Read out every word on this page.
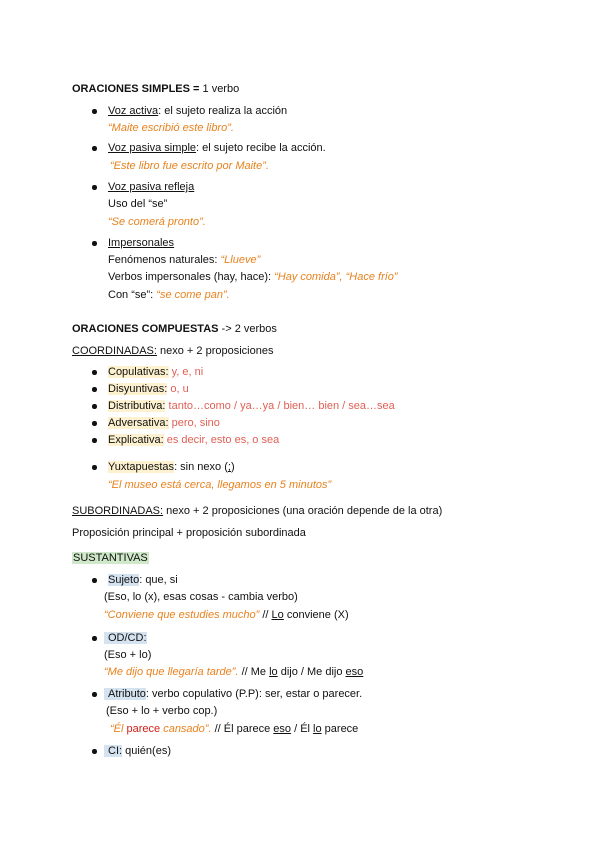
ORACIONES SIMPLES = 1 verbo
Voz activa: el sujeto realiza la acción
“Maite escribió este libro”.
Voz pasiva simple: el sujeto recibe la acción.
“Este libro fue escrito por Maite”.
Voz pasiva refleja
Uso del “se”
“Se comerá pronto”.
Impersonales
Fenómenos naturales: “Llueve”
Verbos impersonales (hay, hace): “Hay comida”, “Hace frío”
Con “se”: “se come pan”.
ORACIONES COMPUESTAS -> 2 verbos
COORDINADAS: nexo + 2 proposiciones
Copulativas: y, e, ni
Disyuntivas: o, u
Distributiva: tanto…como / ya…ya / bien… bien / sea…sea
Adversativa: pero, sino
Explicativa: es decir, esto es, o sea
Yuxtapuestas: sin nexo (;)
“El museo está cerca, llegamos en 5 minutos”
SUBORDINADAS: nexo + 2 proposiciones (una oración depende de la otra)
Proposición principal + proposición subordinada
SUSTANTIVAS
Sujeto: que, si
(Eso, lo (x), esas cosas - cambia verbo)
“Conviene que estudies mucho” // Lo conviene (X)
OD/CD:
(Eso + lo)
“Me dijo que llegaría tarde”. // Me lo dijo / Me dijo eso
Atributo: verbo copulativo (P.P): ser, estar o parecer.
(Eso + lo + verbo cop.)
“Él parece cansado”. // Él parece eso / Él lo parece
CI: quién(es)
